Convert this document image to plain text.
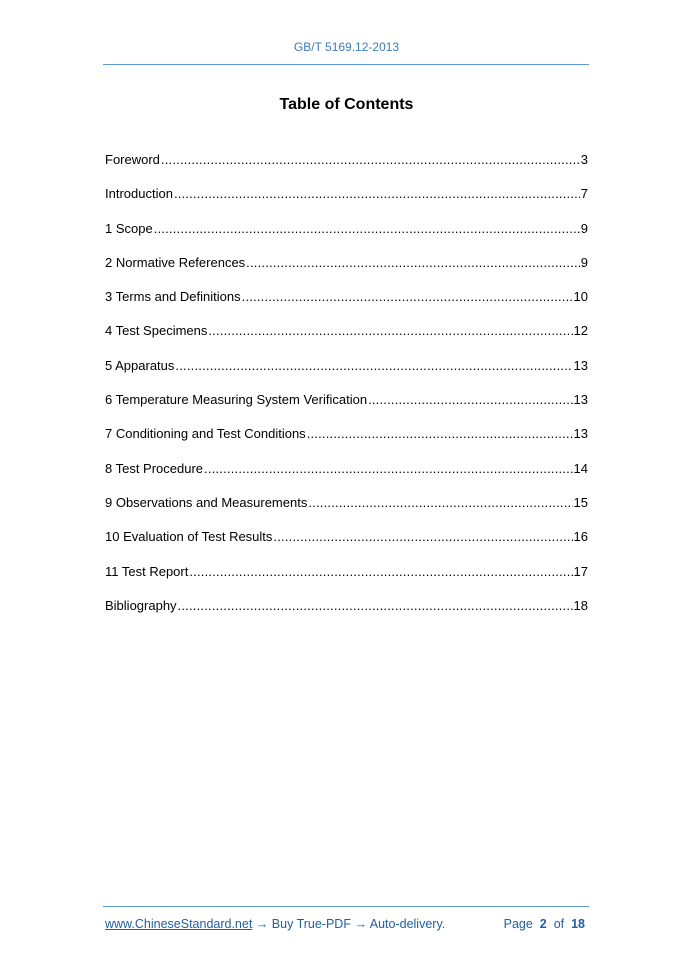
GB/T 5169.12-2013
Table of Contents
Foreword .....	3
Introduction .....	7
1 Scope .....	9
2 Normative References .....	9
3 Terms and Definitions .....	10
4 Test Specimens .....	12
5 Apparatus .....	13
6 Temperature Measuring System Verification .....	13
7 Conditioning and Test Conditions .....	13
8 Test Procedure .....	14
9 Observations and Measurements .....	15
10 Evaluation of Test Results .....	16
11 Test Report .....	17
Bibliography .....	18
www.ChineseStandard.net → Buy True-PDF → Auto-delivery.	Page 2 of 18
